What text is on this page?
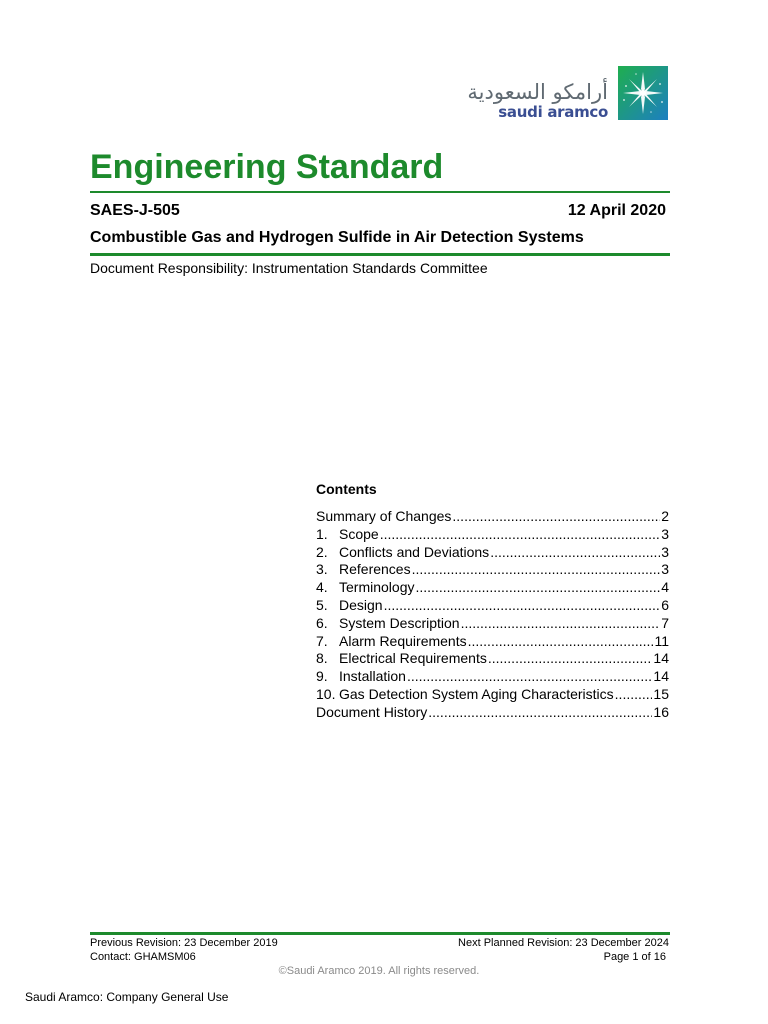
أرامكو السعودية
saudi aramco
Engineering Standard
SAES-J-505	12 April 2020
Combustible Gas and Hydrogen Sulfide in Air Detection Systems
Document Responsibility: Instrumentation Standards Committee
Contents
Summary of Changes .....	2
1. Scope .....	3
2. Conflicts and Deviations .....	3
3. References .....	3
4. Terminology .....	4
5. Design .....	6
6. System Description .....	7
7. Alarm Requirements .....	11
8. Electrical Requirements .....	14
9. Installation .....	14
10. Gas Detection System Aging Characteristics .....	15
Document History .....	16
Previous Revision: 23 December 2019
Contact: GHAMSM06
Next Planned Revision: 23 December 2024
Page 1 of 16
©Saudi Aramco 2019. All rights reserved.
Saudi Aramco: Company General Use
